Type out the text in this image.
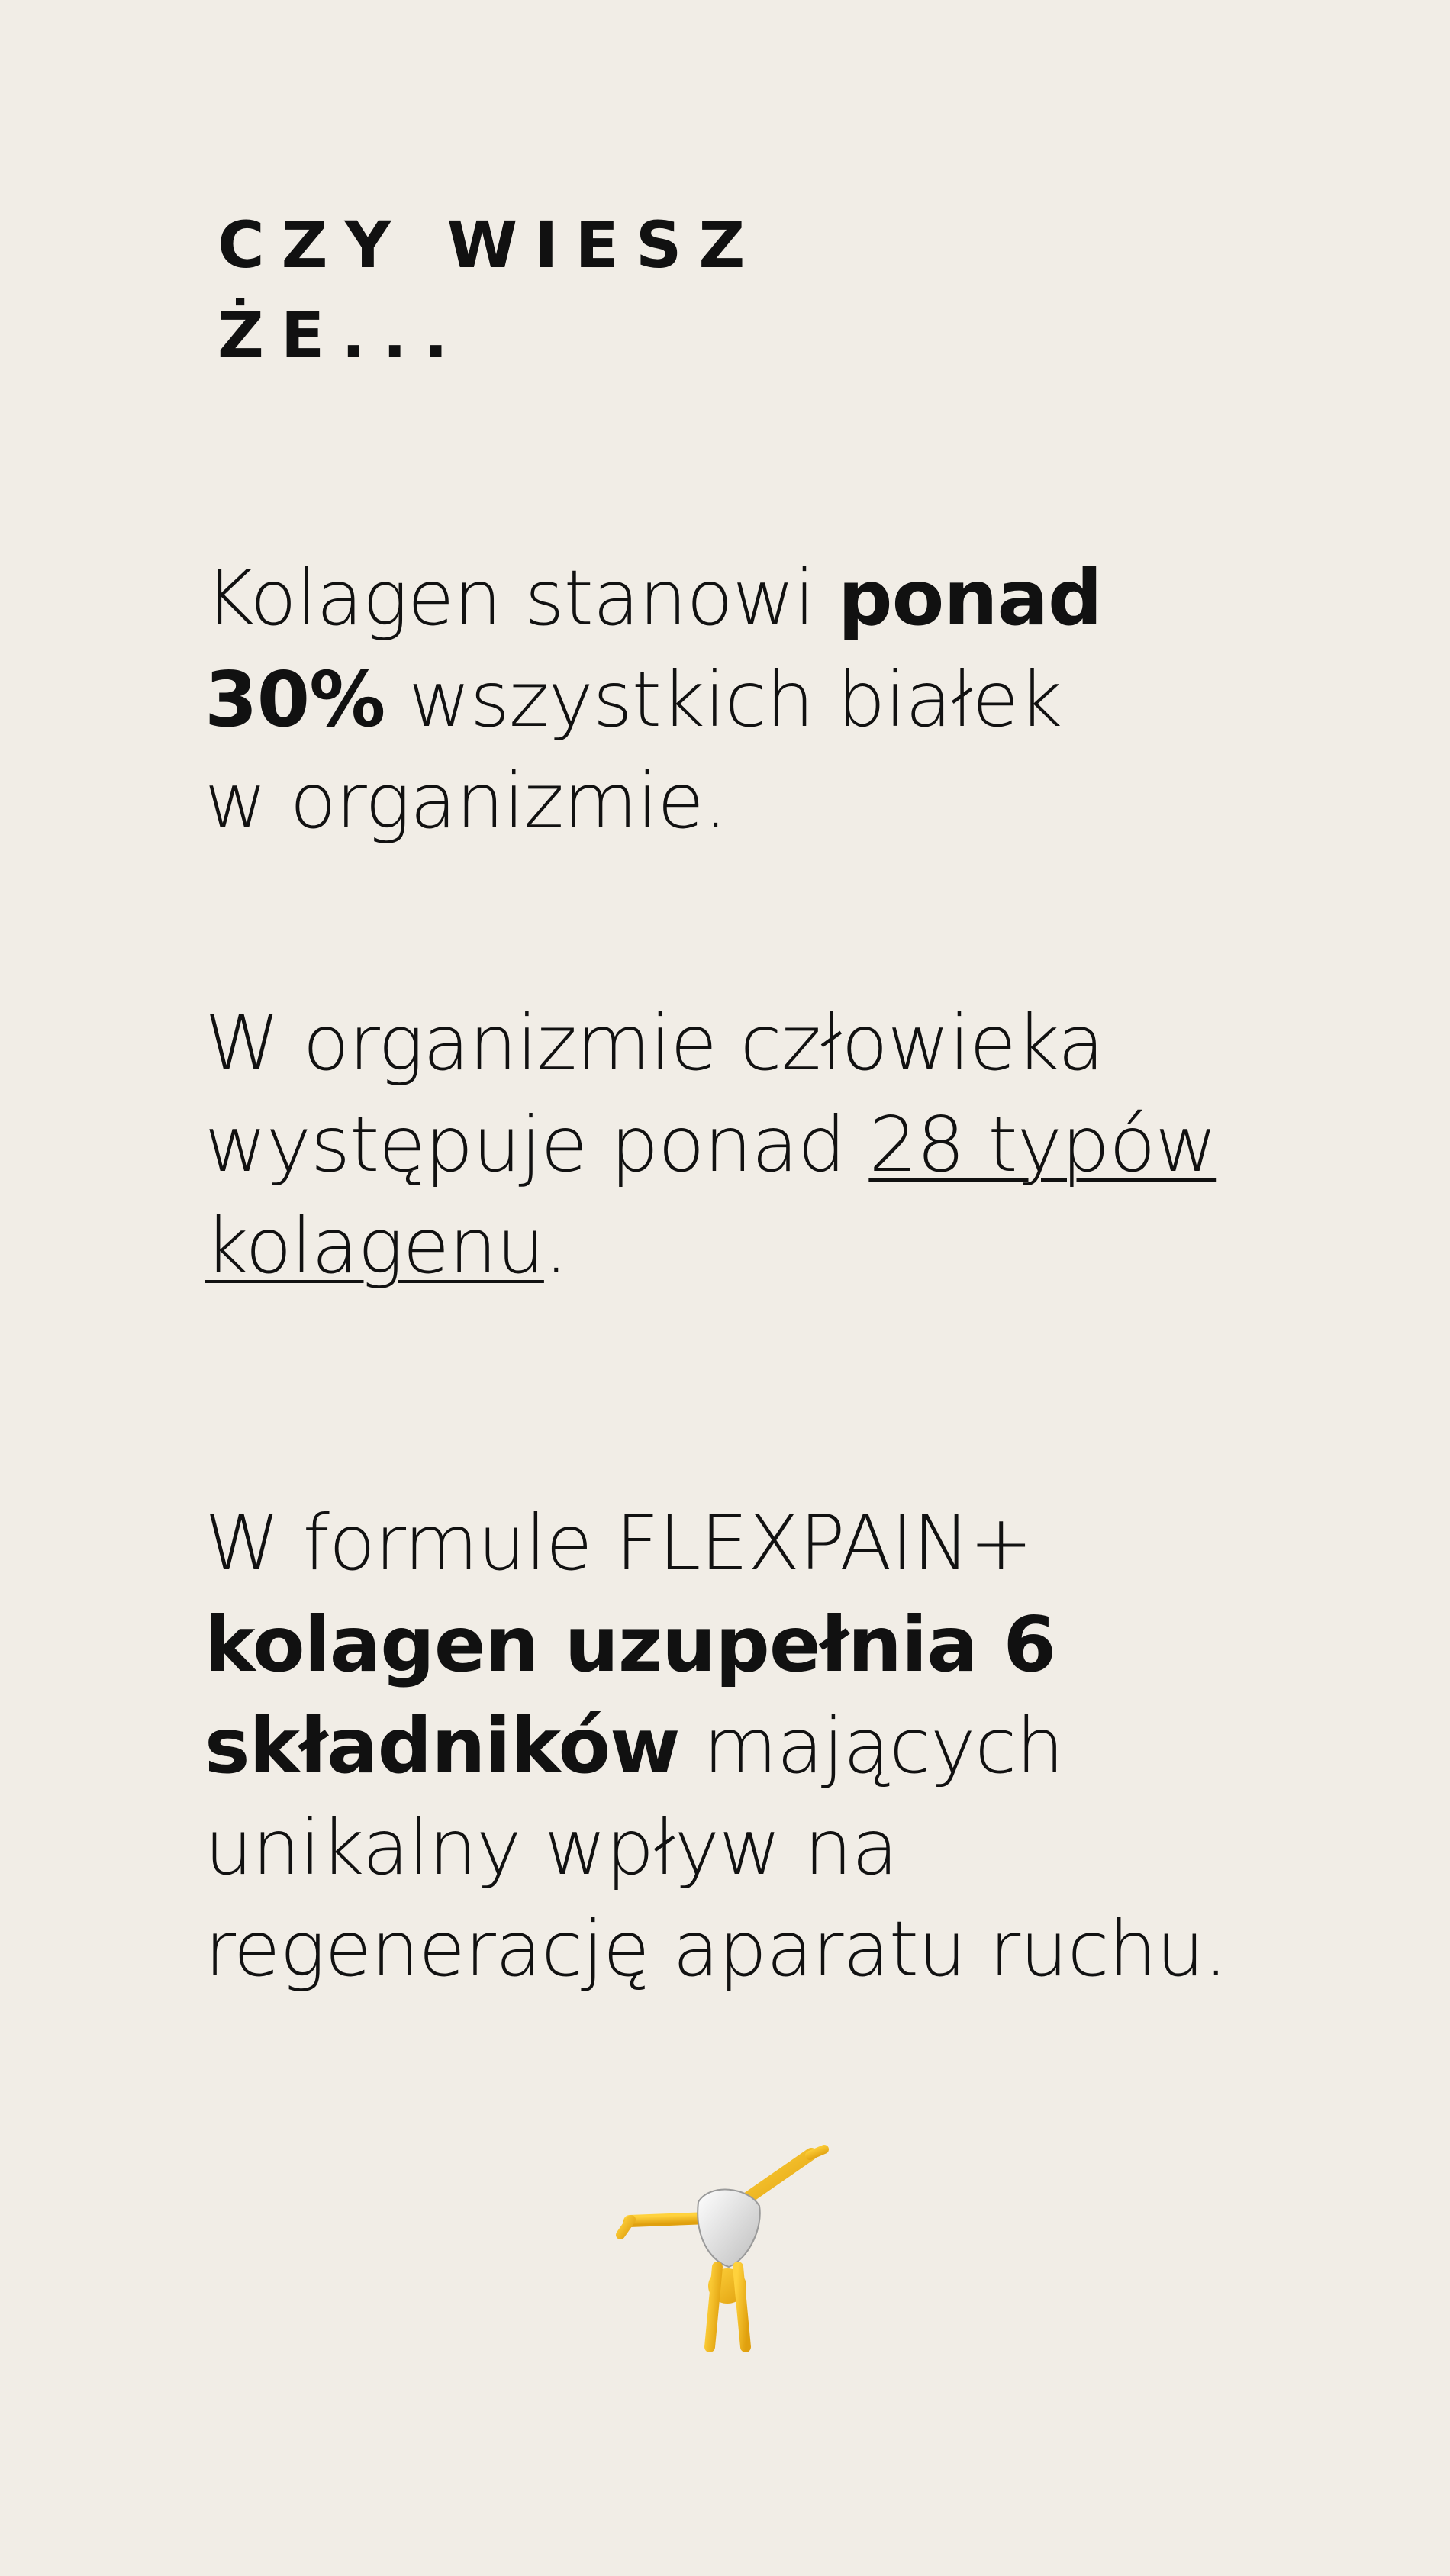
CZY WIESZ
ŻE...

Kolagen stanowi ponad
30% wszystkich białek
w organizmie.

W organizmie człowieka
występuje ponad 28 typów
kolagenu.

W formule FLEXPAIN+
kolagen uzupełnia 6
składników mających
unikalny wpływ na
regenerację aparatu ruchu.
